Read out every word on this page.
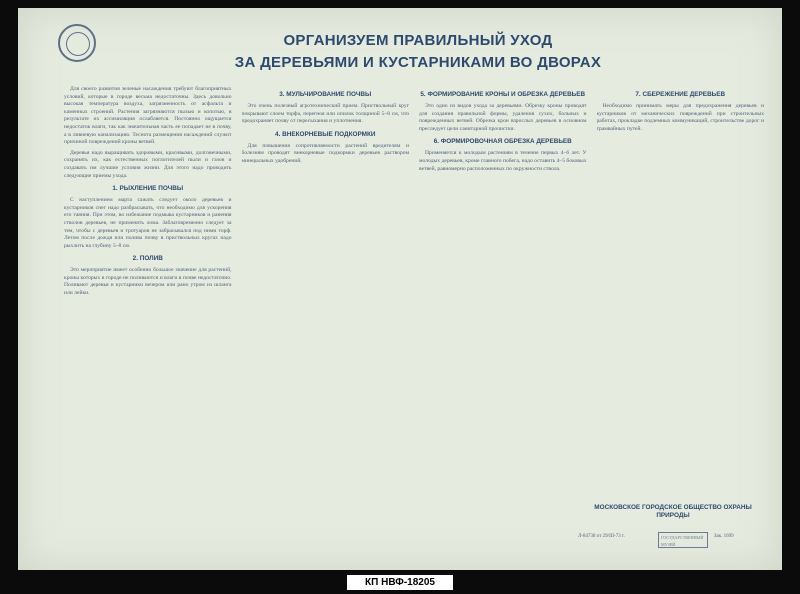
ОРГАНИЗУЕМ ПРАВИЛЬНЫЙ УХОД
ЗА ДЕРЕВЬЯМИ И КУСТАРНИКАМИ ВО ДВОРАХ

Для своего развития зеленые насаждения требуют благоприятных условий, которые в городе весьма недостаточны. Здесь довольно высокая температура воздуха, загрязненность от асфальта и каменных строений. Растения загрязняются пылью и копотью, в результате их ассимиляция ослабляется. Постоянно ощущается недостаток влаги, так как значительная часть ее попадает не в почву, а в ливневую канализацию. Теснота размещения насаждений служит причиной повреждений кроны ветвей.

Деревья надо выращивать здоровыми, красивыми, долговечными, сохранять их, как естественных поглотителей пыли и газов и создавать им лучшие условия жизни. Для этого надо проводить следующие приемы ухода.

1. РЫХЛЕНИЕ ПОЧВЫ

С наступлением марта сажать следует около деревьев и кустарников снег надо разбрасывать, что необходимо для ускорения его таяния. При этом, во избежание подмыва кустарников и ранения стволов деревьев, не применять лома. Заблаговременно следует за тем, чтобы с деревьев и тротуаров не забрасывался под ними торф. Летом после дождя или полива почву в приствольных кругах надо рыхлить на глубину 5–8 см.

2. ПОЛИВ

Это мероприятие имеет особенно большое значение для растений, кроны которых в городе не поливаются и влаги в почве недостаточно. Поливают деревья и кустарники вечером или рано утром из шланга или лейки.

3. МУЛЬЧИРОВАНИЕ ПОЧВЫ

Это очень полезный агротехнический прием. Приствольный круг покрывают слоем торфа, перегноя или опилок толщиной 5–8 см, что предохраняет почву от пересыхания и уплотнения.

4. ВНЕКОРНЕВЫЕ ПОДКОРМКИ

Для повышения сопротивляемости растений вредителям и болезням проводят внекорневые подкормки деревьев раствором минеральных удобрений.

5. ФОРМИРОВАНИЕ КРОНЫ И ОБРЕЗКА ДЕРЕВЬЕВ

Это одно из видов ухода за деревьями. Обрезку кроны проводят для создания правильной формы, удаления сухих, больных и поврежденных ветвей. Обрезка крон взрослых деревьев в основном преследует цели санитарной прочистки.

6. ФОРМИРОВОЧНАЯ ОБРЕЗКА ДЕРЕВЬЕВ

Применяется к молодым растениям в течение первых 4–6 лет. У молодых деревьев, кроме главного побега, надо оставить 4–5 боковых ветвей, равномерно расположенных по окружности ствола.

7. СБЕРЕЖЕНИЕ ДЕРЕВЬЕВ

Необходимо принимать меры для предохранения деревьев и кустарников от механических повреждений при строительных работах, прокладке подземных коммуникаций, строительстве дорог и трамвайных путей.

МОСКОВСКОЕ ГОРОДСКОЕ ОБЩЕСТВО ОХРАНЫ ПРИРОДЫ
Л-84738 от 29/III-73 г.	ГОСУДАРСТВЕННЫЙ МУЗЕЙ
Зак. 1699
КП НВФ-18205
